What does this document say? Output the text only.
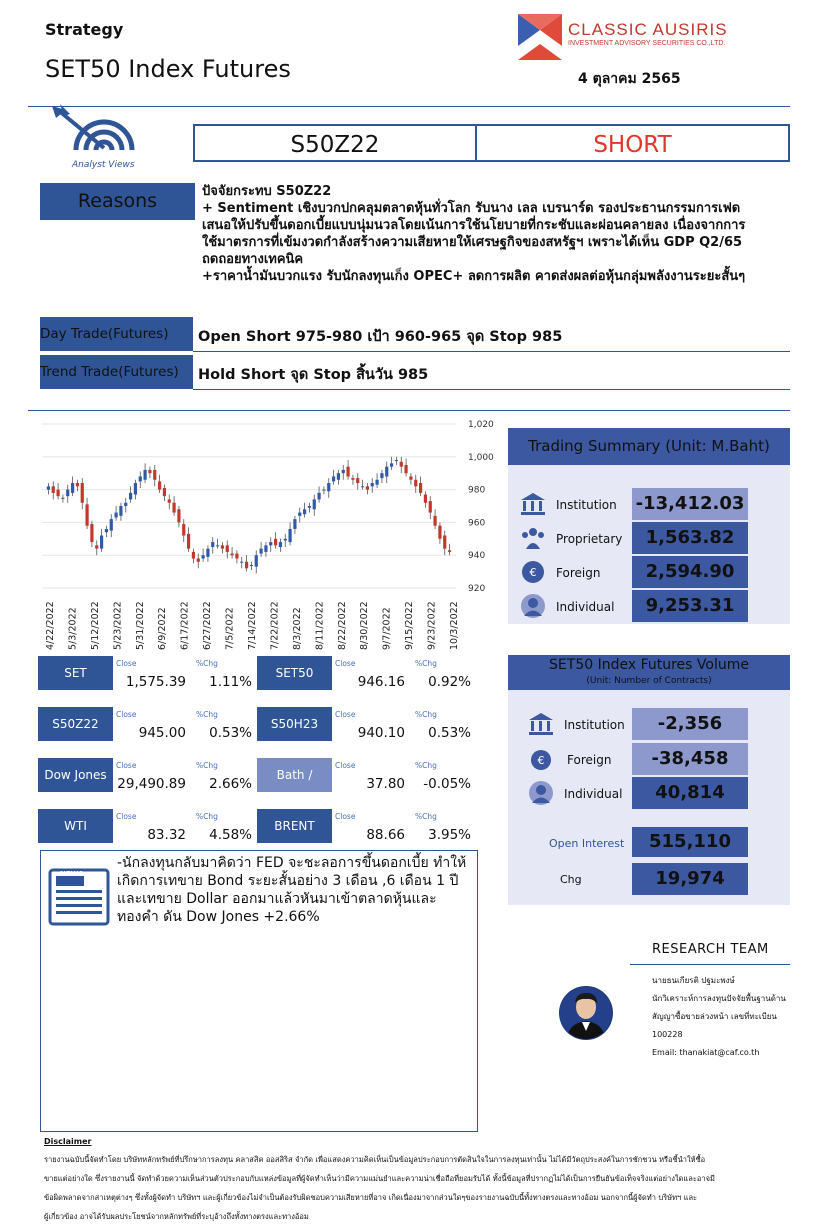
Strategy
SET50 Index Futures
CLASSIC AUSIRIS
INVESTMENT ADVISORY SECURITIES CO.,LTD.
4 ตุลาคม 2565
Analyst Views
S50Z22	SHORT
Reasons	ปัจจัยกระทบ S50Z22
+ Sentiment เชิงบวกปกคลุมตลาดหุ้นทั่วโลก รับนาง เลล เบรนาร์ด รองประธานกรรมการเฟด
เสนอให้ปรับขึ้นดอกเบี้ยแบบนุ่มนวลโดยเน้นการใช้นโยบายที่กระชับและผ่อนคลายลง เนื่องจากการ
ใช้มาตรการที่เข้มงวดกำลังสร้างความเสียหายให้เศรษฐกิจของสหรัฐฯ เพราะได้เห็น GDP Q2/65
ถดถอยทางเทคนิค
+ราคาน้ำมันบวกแรง รับนักลงทุนเก็ง OPEC+ ลดการผลิต คาดส่งผลต่อหุ้นกลุ่มพลังงานระยะสั้นๆ
Day Trade(Futures)	Open Short 975-980 เป้า 960-965 จุด Stop 985
Trend Trade(Futures)	Hold Short จุด Stop สิ้นวัน 985
1,020
1,000
980
960
940
920
4/22/2022 5/3/2022 5/12/2022 5/23/2022 5/31/2022 6/9/2022 6/17/2022 6/27/2022 7/5/2022 7/14/2022 7/22/2022 8/3/2022 8/11/2022 8/22/2022 8/30/2022 9/7/2022 9/15/2022 9/23/2022 10/3/2022
SET
Close	%Chg
1,575.39	1.11%
SET50
Close	%Chg
946.16	0.92%
S50Z22
Close	%Chg
945.00	0.53%
S50H23
Close	%Chg
940.10	0.53%
Dow Jones
Close	%Chg
29,490.89	2.66%
Bath /
Close	%Chg
37.80	-0.05%
WTI
Close	%Chg
83.32	4.58%
BRENT
Close	%Chg
88.66	3.95%
Trading Summary (Unit: M.Baht)
Institution -13,412.03
Proprietary	1,563.82
€ Foreign	2,594.90
Individual	9,253.31
SET50 Index Futures Volume
(Unit: Number of Contracts)
Institution	-2,356
€ Foreign	-38,458
Individual	40,814
Open Interest	515,110
Chg	19,974
NEWS
-นักลงทุนกลับมาคิดว่า FED จะชะลอการขึ้นดอกเบี้ย ทำให้เกิดการเทขาย Bond ระยะสั้นอย่าง 3 เดือน ,6 เดือน 1 ปี และเทขาย Dollar ออกมาแล้วหันมาเข้าตลาดหุ้นและทองคำ ดัน Dow Jones +2.66%
RESEARCH TEAM
นายธนเกียรติ ปฐมะพงษ์
นักวิเคราะห์การลงทุนปัจจัยพื้นฐานด้าน
สัญญาซื้อขายล่วงหน้า เลขที่ทะเบียน
100228
Email: thanakiat@caf.co.th
Disclaimer
รายงานฉบับนี้จัดทำโดย บริษัทหลักทรัพย์ที่ปรึกษาการลงทุน คลาสสิค ออสสิริส จำกัด เพื่อแสดงความคิดเห็นเป็นข้อมูลประกอบการตัดสินใจในการลงทุนเท่านั้น ไม่ได้มีวัตถุประสงค์ในการชักชวน หรือชี้นำให้ซื้อ
ขายแต่อย่างใด ซึ่งรายงานนี้ จัดทำด้วยความเห็นส่วนตัวประกอบกับแหล่งข้อมูลที่ผู้จัดทำเห็นว่ามีความแม่นยำและความน่าเชื่อถือที่ยอมรับได้ ทั้งนี้ข้อมูลที่ปรากฏไม่ได้เป็นการยืนยันข้อเท็จจริงแต่อย่างใดและอาจมี
ข้อผิดพลาดจากสาเหตุต่างๆ ซึ่งทั้งผู้จัดทำ บริษัทฯ และผู้เกี่ยวข้องไม่จำเป็นต้องรับผิดชอบความเสียหายที่อาจ เกิดเนื่องมาจากส่วนใดๆของรายงานฉบับนี้ทั้งทางตรงและทางอ้อม นอกจากนี้ผู้จัดทำ บริษัทฯ และ
ผู้เกี่ยวข้อง อาจได้รับผลประโยชน์จากหลักทรัพย์ที่ระบุอ้างถึงทั้งทางตรงและทางอ้อม
